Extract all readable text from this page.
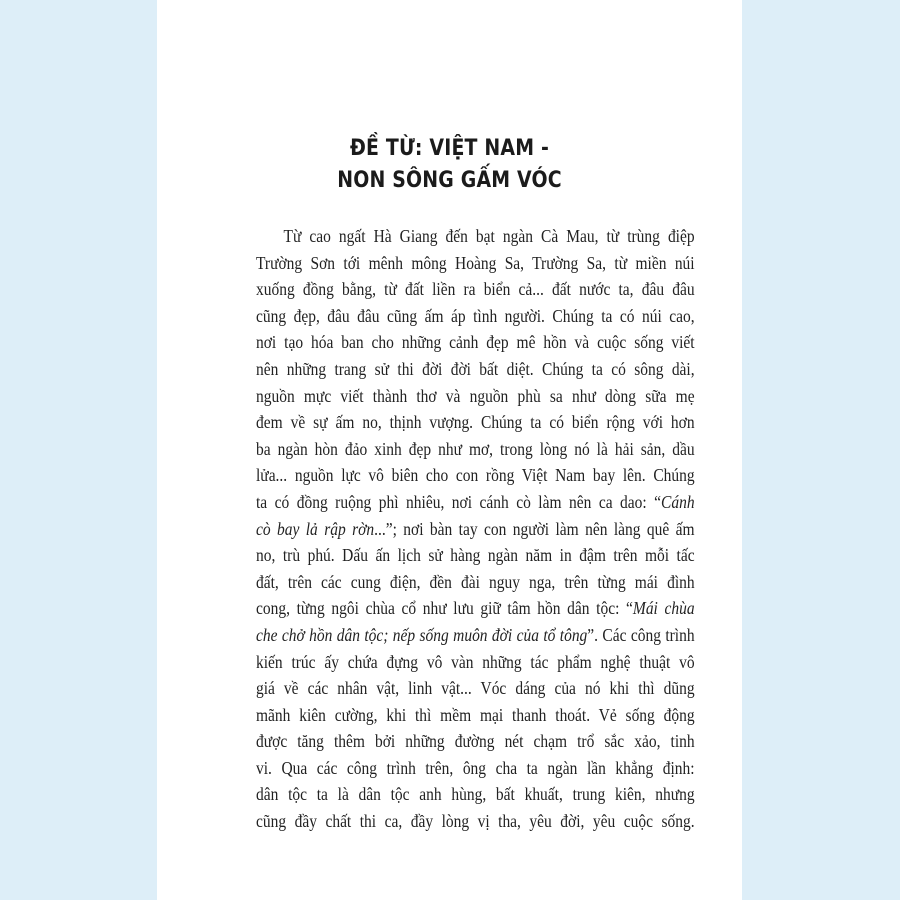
ĐỀ TỪ: VIỆT NAM -
NON SÔNG GẤM VÓC
Từ cao ngất Hà Giang đến bạt ngàn Cà Mau, từ trùng điệp
Trường Sơn tới mênh mông Hoàng Sa, Trường Sa, từ miền núi
xuống đồng bằng, từ đất liền ra biển cả... đất nước ta, đâu đâu
cũng đẹp, đâu đâu cũng ấm áp tình người. Chúng ta có núi cao,
nơi tạo hóa ban cho những cảnh đẹp mê hồn và cuộc sống viết
nên những trang sử thi đời đời bất diệt. Chúng ta có sông dài,
nguồn mực viết thành thơ và nguồn phù sa như dòng sữa mẹ
đem về sự ấm no, thịnh vượng. Chúng ta có biển rộng với hơn
ba ngàn hòn đảo xinh đẹp như mơ, trong lòng nó là hải sản, dầu
lửa... nguồn lực vô biên cho con rồng Việt Nam bay lên. Chúng
ta có đồng ruộng phì nhiêu, nơi cánh cò làm nên ca dao: “Cánh
cò bay lả rập rờn...”; nơi bàn tay con người làm nên làng quê ấm
no, trù phú. Dấu ấn lịch sử hàng ngàn năm in đậm trên mỗi tấc
đất, trên các cung điện, đền đài nguy nga, trên từng mái đình
cong, từng ngôi chùa cổ như lưu giữ tâm hồn dân tộc: “Mái chùa
che chở hồn dân tộc; nếp sống muôn đời của tổ tông”. Các công trình
kiến trúc ấy chứa đựng vô vàn những tác phẩm nghệ thuật vô
giá về các nhân vật, linh vật... Vóc dáng của nó khi thì dũng
mãnh kiên cường, khi thì mềm mại thanh thoát. Vẻ sống động
được tăng thêm bởi những đường nét chạm trổ sắc xảo, tinh
vi. Qua các công trình trên, ông cha ta ngàn lần khẳng định:
dân tộc ta là dân tộc anh hùng, bất khuất, trung kiên, nhưng
cũng đầy chất thi ca, đầy lòng vị tha, yêu đời, yêu cuộc sống.
